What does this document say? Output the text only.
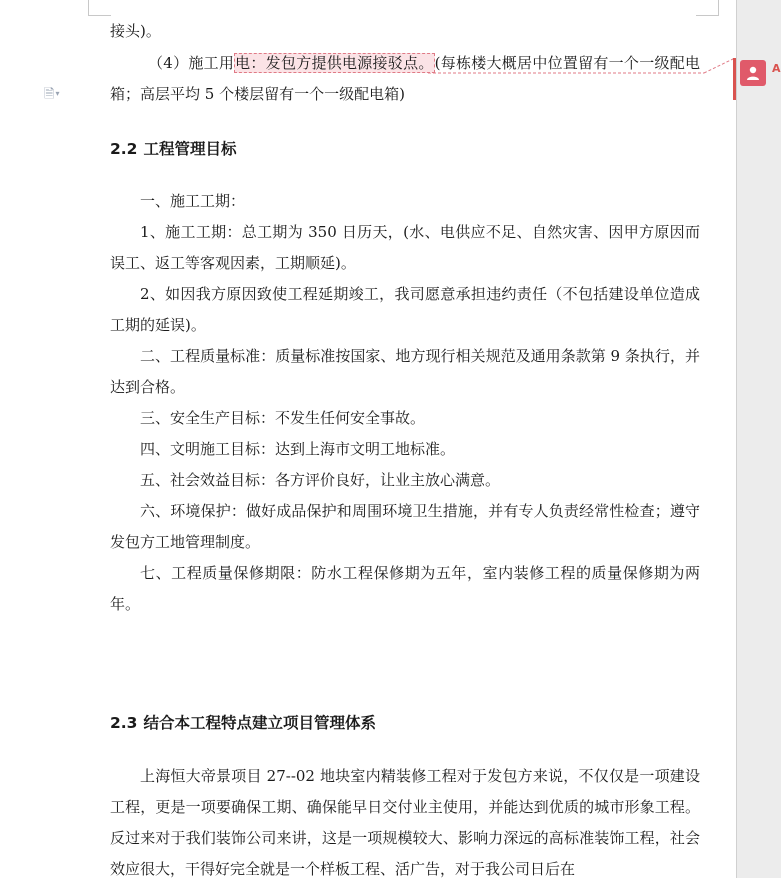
🗎▾
A

接头)。

（4）施工用电：发包方提供电源接驳点。(每栋楼大概居中位置留有一个一级配电箱；高层平均 5 个楼层留有一个一级配电箱)

2.2 工程管理目标

一、施工工期：

1、施工工期：总工期为 350 日历天，(水、电供应不足、自然灾害、因甲方原因而误工、返工等客观因素，工期顺延)。

2、如因我方原因致使工程延期竣工，我司愿意承担违约责任（不包括建设单位造成工期的延误)。

二、工程质量标准：质量标准按国家、地方现行相关规范及通用条款第 9 条执行，并达到合格。

三、安全生产目标：不发生任何安全事故。

四、文明施工目标：达到上海市文明工地标准。

五、社会效益目标：各方评价良好，让业主放心满意。

六、环境保护：做好成品保护和周围环境卫生措施，并有专人负责经常性检查；遵守发包方工地管理制度。

七、工程质量保修期限：防水工程保修期为五年，室内装修工程的质量保修期为两年。

2.3 结合本工程特点建立项目管理体系

上海恒大帝景项目 27--02 地块室内精装修工程对于发包方来说，不仅仅是一项建设工程，更是一项要确保工期、确保能早日交付业主使用，并能达到优质的城市形象工程。反过来对于我们装饰公司来讲，这是一项规模较大、影响力深远的高标准装饰工程，社会效应很大，干得好完全就是一个样板工程、活广告，对于我公司日后在
